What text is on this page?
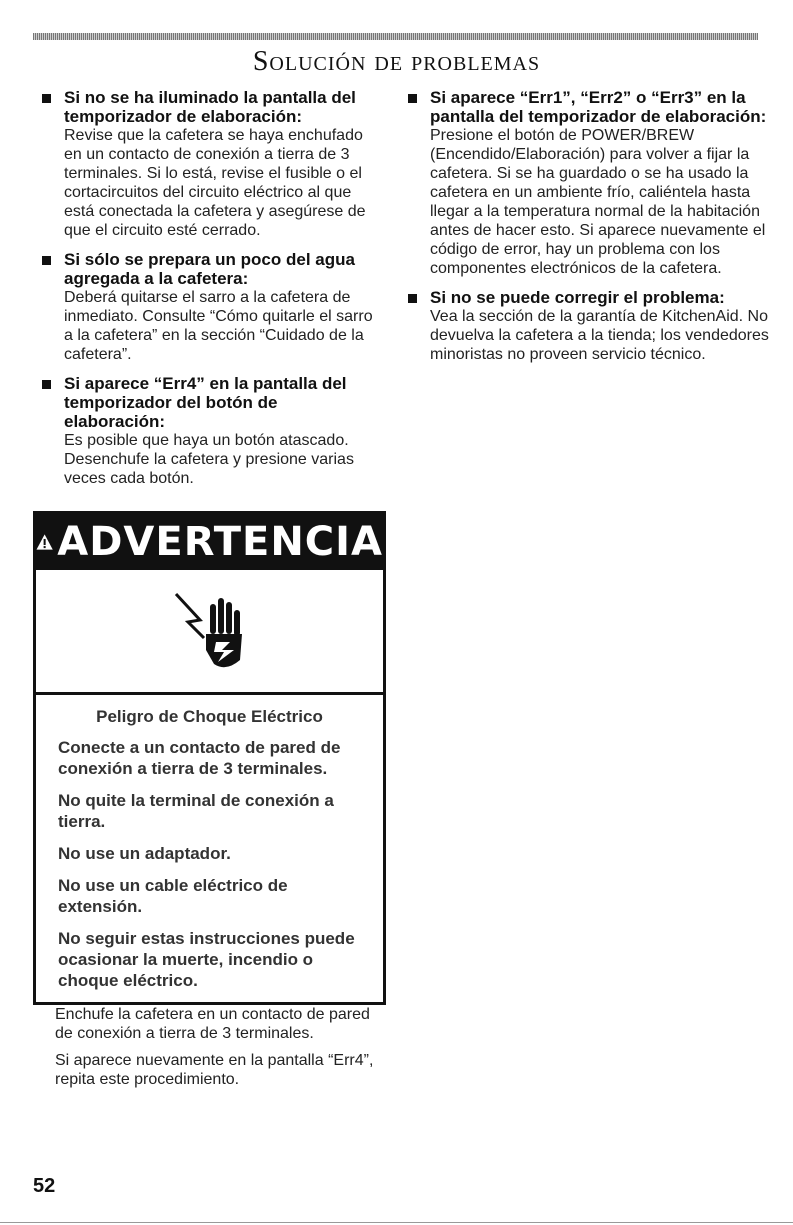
Solución de problemas

Si no se ha iluminado la pantalla del temporizador de elaboración:

Revise que la cafetera se haya enchufado en un contacto de conexión a tierra de 3 terminales. Si lo está, revise el fusible o el cortacircuitos del circuito eléctrico al que está conectada la cafetera y asegúrese de que el circuito esté cerrado.

Si sólo se prepara un poco del agua agregada a la cafetera:

Deberá quitarse el sarro a la cafetera de inmediato. Consulte “Cómo quitarle el sarro a la cafetera” en la sección “Cuidado de la cafetera”.

Si aparece “Err4” en la pantalla del temporizador del botón de elaboración:

Es posible que haya un botón atascado. Desenchufe la cafetera y presione varias veces cada botón.

Si aparece “Err1”, “Err2” o “Err3” en la pantalla del temporizador de elaboración:

Presione el botón de POWER/BREW (Encendido/Elaboración) para volver a fijar la cafetera. Si se ha guardado o se ha usado la cafetera en un ambiente frío, caliéntela hasta llegar a la temperatura normal de la habitación antes de hacer esto. Si aparece nuevamente el código de error, hay un problema con los componentes electrónicos de la cafetera.

Si no se puede corregir el problema:

Vea la sección de la garantía de KitchenAid. No devuelva la cafetera a la tienda; los vendedores minoristas no proveen servicio técnico.

ADVERTENCIA

Peligro de Choque Eléctrico

Conecte a un contacto de pared de conexión a tierra de 3 terminales.

No quite la terminal de conexión a tierra.

No use un adaptador.

No use un cable eléctrico de extensión.

No seguir estas instrucciones puede ocasionar la muerte, incendio o choque eléctrico.

Enchufe la cafetera en un contacto de pared de conexión a tierra de 3 terminales.

Si aparece nuevamente en la pantalla “Err4”, repita este procedimiento.

52
